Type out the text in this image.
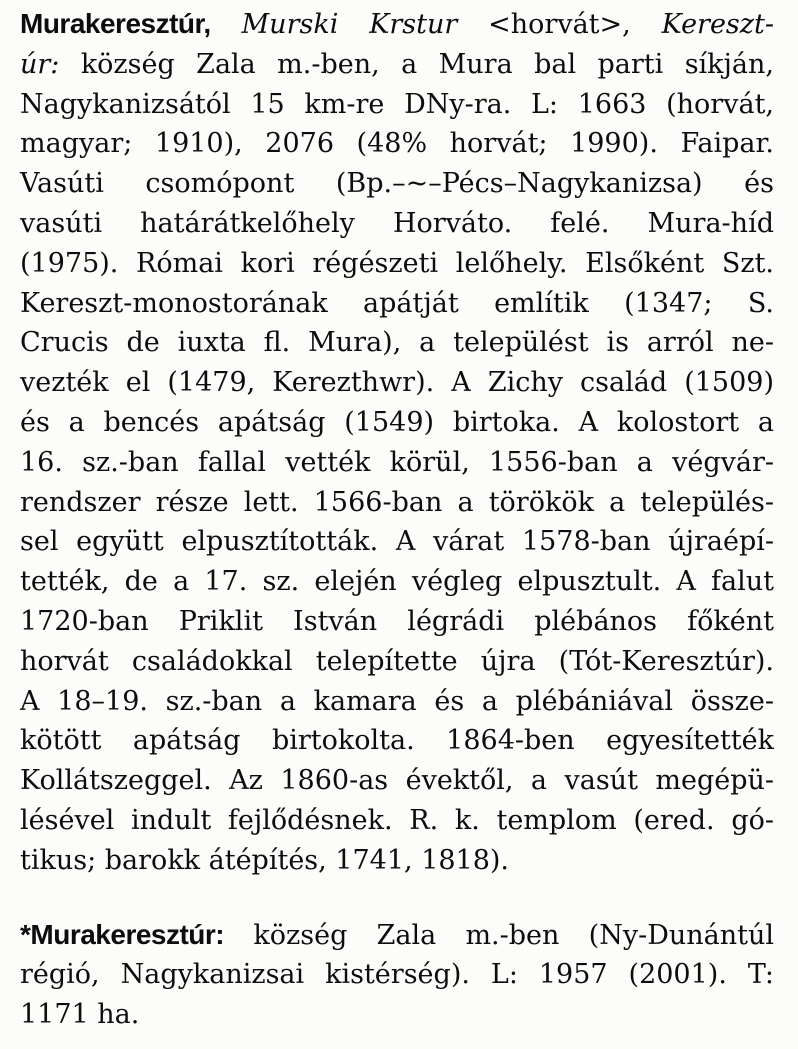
Murakeresztúr, Murski Krstur <horvát>, Kereszt-
úr: község Zala m.-ben, a Mura bal parti síkján,
Nagykanizsától 15 km-re DNy-ra. L: 1663 (horvát,
magyar; 1910), 2076 (48% horvát; 1990). Faipar.
Vasúti csomópont (Bp.–~–Pécs–Nagykanizsa) és
vasúti határátkelőhely Horváto. felé. Mura-híd
(1975). Római kori régészeti lelőhely. Elsőként Szt.
Kereszt-monostorának apátját említik (1347; S.
Crucis de iuxta fl. Mura), a települést is arról ne-
vezték el (1479, Kerezthwr). A Zichy család (1509)
és a bencés apátság (1549) birtoka. A kolostort a
16. sz.-ban fallal vették körül, 1556-ban a végvár-
rendszer része lett. 1566-ban a törökök a település-
sel együtt elpusztították. A várat 1578-ban újraépí-
tették, de a 17. sz. elején végleg elpusztult. A falut
1720-ban Priklit István légrádi plébános főként
horvát családokkal telepítette újra (Tót-Keresztúr).
A 18–19. sz.-ban a kamara és a plébániával össze-
kötött apátság birtokolta. 1864-ben egyesítették
Kollátszeggel. Az 1860-as évektől, a vasút megépü-
lésével indult fejlődésnek. R. k. templom (ered. gó-
tikus; barokk átépítés, 1741, 1818).
*Murakeresztúr: község Zala m.-ben (Ny-Dunántúl
régió, Nagykanizsai kistérség). L: 1957 (2001). T:
1171 ha.
